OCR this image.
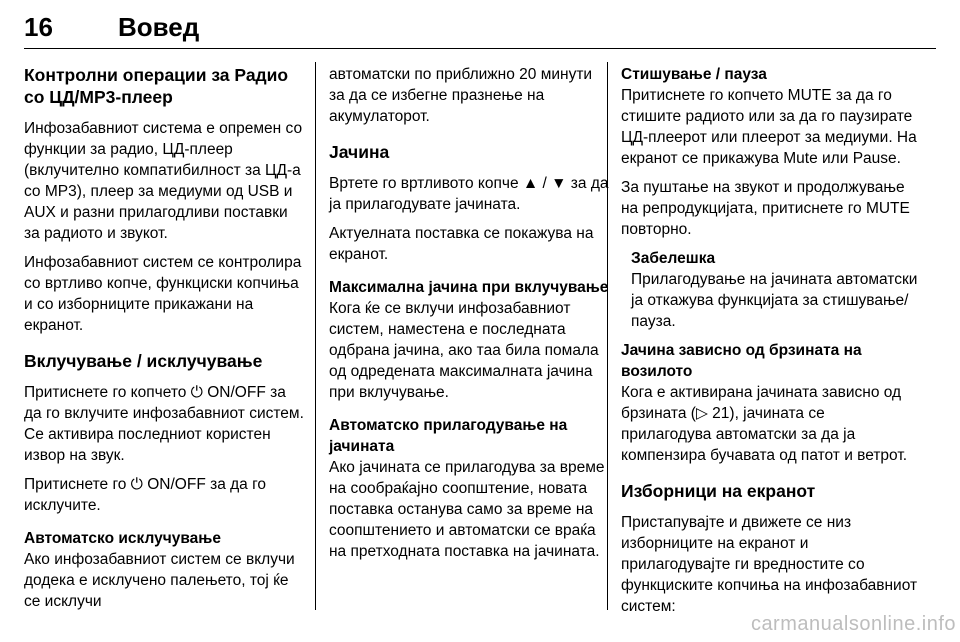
16	Вовед
Контролни операции за Радио со ЦД/MP3-плеер

Инфозабавниот система е опремен со функции за радио, ЦД-плеер (вклучително компатибилност за ЦД-а со MP3), плеер за медиуми од USB и AUX и разни прилагодливи поставки за радиото и звукот.

Инфозабавниот систем се контролира со вртливо копче, функциски копчиња и со изборниците прикажани на екранот.

Вклучување / исклучување

Притиснете го копчето ⏻ ON/OFF за да го вклучите инфозабавниот систем. Се активира последниот користен извор на звук.

Притиснете го ⏻ ON/OFF за да го исклучите.

Автоматско исклучување

Ако инфозабавниот систем се вклучи додека е исклучено палењето, тој ќе се исклучи

автоматски по приближно 20 минути за да се избегне празнење на акумулаторот.

Јачина

Вртете го вртливото копче ▲ / ▼ за да ја прилагодувате јачината.

Актуелната поставка се покажува на екранот.

Максимална јачина при вклучување

Кога ќе се вклучи инфозабавниот систем, наместена е последната одбрана јачина, ако таа била помала од одредената максималната јачина при вклучување.

Автоматско прилагодување на јачината

Ако јачината се прилагодува за време на сообраќајно соопштение, новата поставка останува само за време на соопштението и автоматски се враќа на претходната поставка на јачината.

Стишување / пауза

Притиснете го копчето MUTE за да го стишите радиото или за да го паузирате ЦД-плеерот или плеерот за медиуми. На екранот се прикажува Mute или Pause.

За пуштање на звукот и продолжување на репродукцијата, притиснете го MUTE повторно.

Забелешка
Прилагодување на јачината автоматски ја откажува функцијата за стишување/пауза.
Јачина зависно од брзината на возилото

Кога е активирана јачината зависно од брзината (▷ 21), јачината се прилагодува автоматски за да ја компензира бучавата од патот и ветрот.

Изборници на екранот

Пристапувајте и движете се низ изборниците на екранот и прилагодувајте ги вредностите со функциските копчиња на инфозабавниот систем:

carmanualsonline.info
